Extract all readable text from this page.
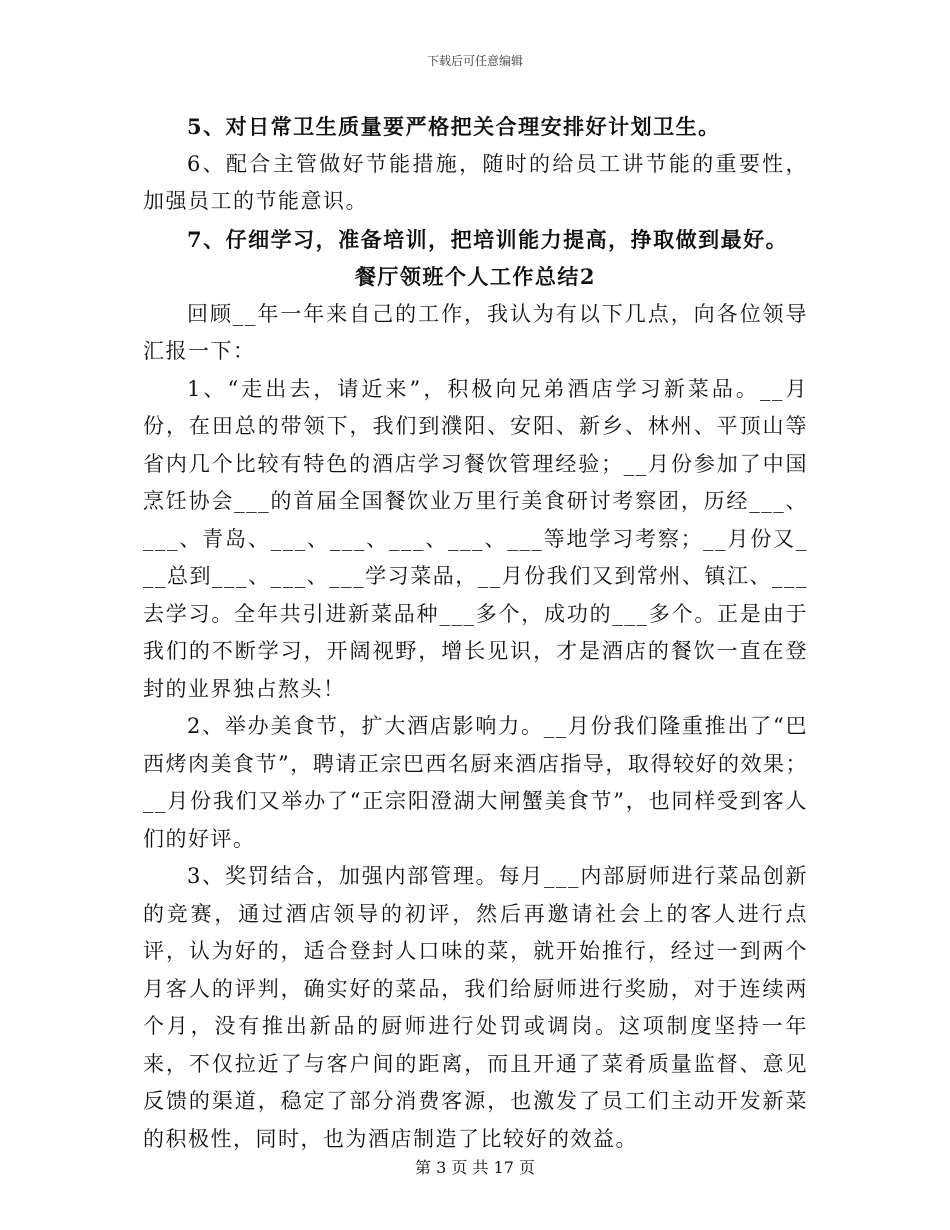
下载后可任意编辑

5、对日常卫生质量要严格把关合理安排好计划卫生。

6、配合主管做好节能措施，随时的给员工讲节能的重要性，加强员工的节能意识。

7、仔细学习，准备培训，把培训能力提高，挣取做到最好。

餐厅领班个人工作总结2

回顾__年一年来自己的工作，我认为有以下几点，向各位领导汇报一下：

1、“走出去，请近来”，积极向兄弟酒店学习新菜品。__月份，在田总的带领下，我们到濮阳、安阳、新乡、林州、平顶山等省内几个比较有特色的酒店学习餐饮管理经验；__月份参加了中国烹饪协会___的首届全国餐饮业万里行美食研讨考察团，历经___、___、青岛、___、___、___、___、___等地学习考察；__月份又___总到___、___、___学习菜品，__月份我们又到常州、镇江、___去学习。全年共引进新菜品种___多个，成功的___多个。正是由于我们的不断学习，开阔视野，增长见识，才是酒店的餐饮一直在登封的业界独占熬头！

2、举办美食节，扩大酒店影响力。__月份我们隆重推出了“巴西烤肉美食节”，聘请正宗巴西名厨来酒店指导，取得较好的效果；__月份我们又举办了“正宗阳澄湖大闸蟹美食节”，也同样受到客人们的好评。

3、奖罚结合，加强内部管理。每月___内部厨师进行菜品创新的竞赛，通过酒店领导的初评，然后再邀请社会上的客人进行点评，认为好的，适合登封人口味的菜，就开始推行，经过一到两个月客人的评判，确实好的菜品，我们给厨师进行奖励，对于连续两个月，没有推出新品的厨师进行处罚或调岗。这项制度坚持一年来，不仅拉近了与客户间的距离，而且开通了菜肴质量监督、意见反馈的渠道，稳定了部分消费客源，也激发了员工们主动开发新菜的积极性，同时，也为酒店制造了比较好的效益。

第 3 页 共 17 页
